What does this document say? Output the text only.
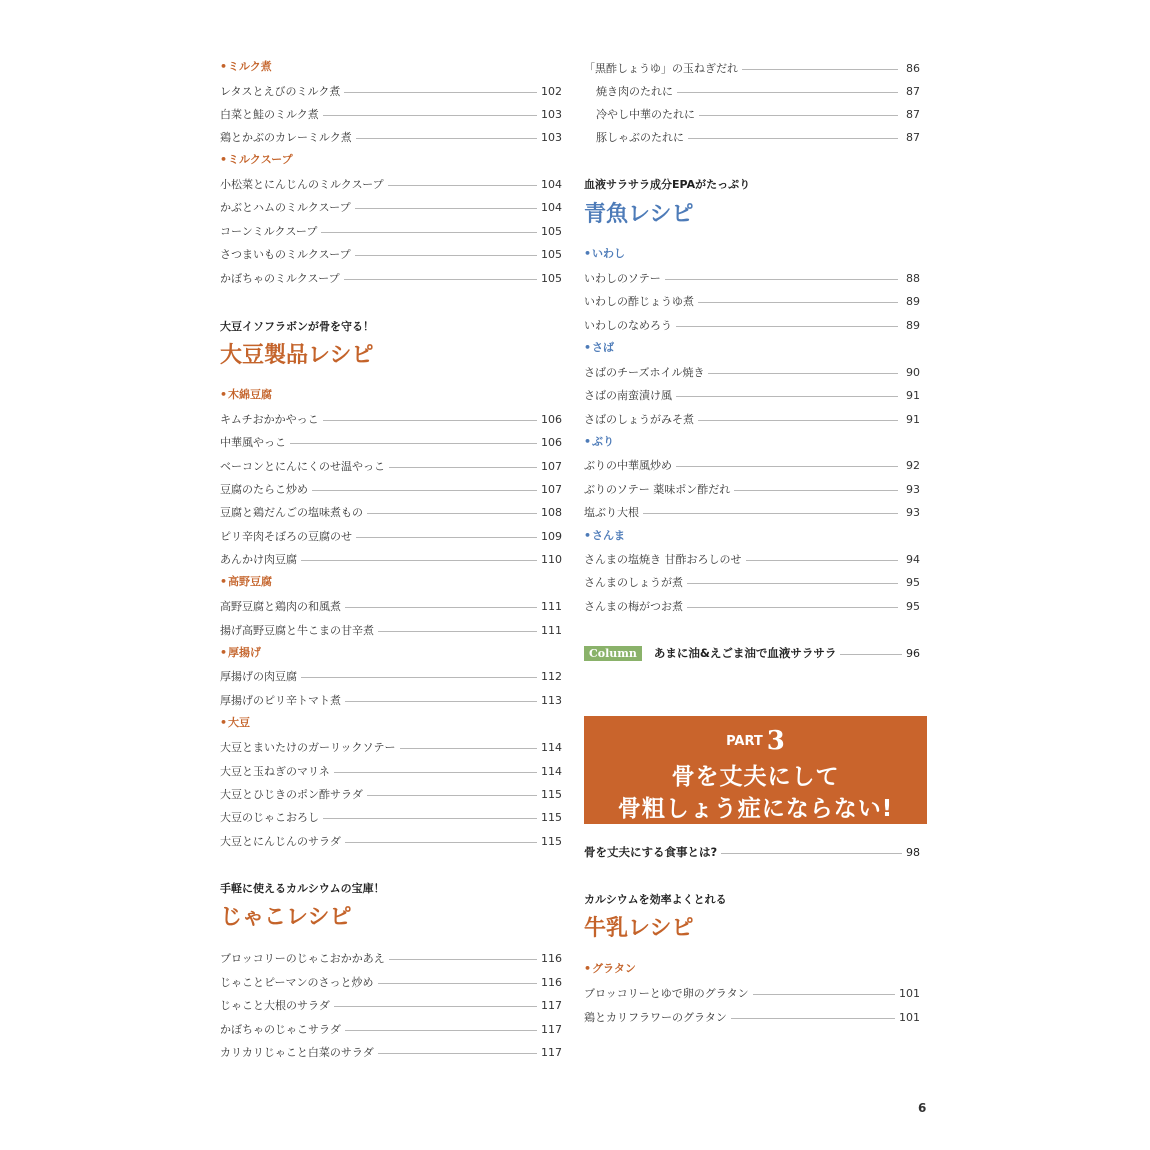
•ミルク煮
レタスとえびのミルク煮	102
白菜と鮭のミルク煮	103
鶏とかぶのカレーミルク煮	103
•ミルクスープ
小松菜とにんじんのミルクスープ	104
かぶとハムのミルクスープ	104
コーンミルクスープ	105
さつまいものミルクスープ	105
かぼちゃのミルクスープ	105
大豆イソフラボンが骨を守る！
大豆製品レシピ
•木綿豆腐
キムチおかかやっこ	106
中華風やっこ	106
ベーコンとにんにくのせ温やっこ	107
豆腐のたらこ炒め	107
豆腐と鶏だんごの塩味煮もの	108
ピリ辛肉そぼろの豆腐のせ	109
あんかけ肉豆腐	110
•高野豆腐
高野豆腐と鶏肉の和風煮	111
揚げ高野豆腐と牛こまの甘辛煮	111
•厚揚げ
厚揚げの肉豆腐	112
厚揚げのピリ辛トマト煮	113
•大豆
大豆とまいたけのガーリックソテー	114
大豆と玉ねぎのマリネ	114
大豆とひじきのポン酢サラダ	115
大豆のじゃこおろし	115
大豆とにんじんのサラダ	115
手軽に使えるカルシウムの宝庫！
じゃこレシピ
ブロッコリーのじゃこおかかあえ	116
じゃことピーマンのさっと炒め	116
じゃこと大根のサラダ	117
かぼちゃのじゃこサラダ	117
カリカリじゃこと白菜のサラダ	117
「黒酢しょうゆ」の玉ねぎだれ	86
焼き肉のたれに	87
冷やし中華のたれに	87
豚しゃぶのたれに	87
血液サラサラ成分EPAがたっぷり
青魚レシピ
•いわし
いわしのソテー	88
いわしの酢じょうゆ煮	89
いわしのなめろう	89
•さば
さばのチーズホイル焼き	90
さばの南蛮漬け風	91
さばのしょうがみそ煮	91
•ぶり
ぶりの中華風炒め	92
ぶりのソテー 薬味ポン酢だれ	93
塩ぶり大根	93
•さんま
さんまの塩焼き 甘酢おろしのせ	94
さんまのしょうが煮	95
さんまの梅がつお煮	95
Column	あまに油&えごま油で血液サラサラ	96
骨を丈夫にする食事とは?	98
カルシウムを効率よくとれる
牛乳レシピ
•グラタン
ブロッコリーとゆで卵のグラタン	101
鶏とカリフラワーのグラタン	101
PART 3
骨を丈夫にして
骨粗しょう症にならない!
6
